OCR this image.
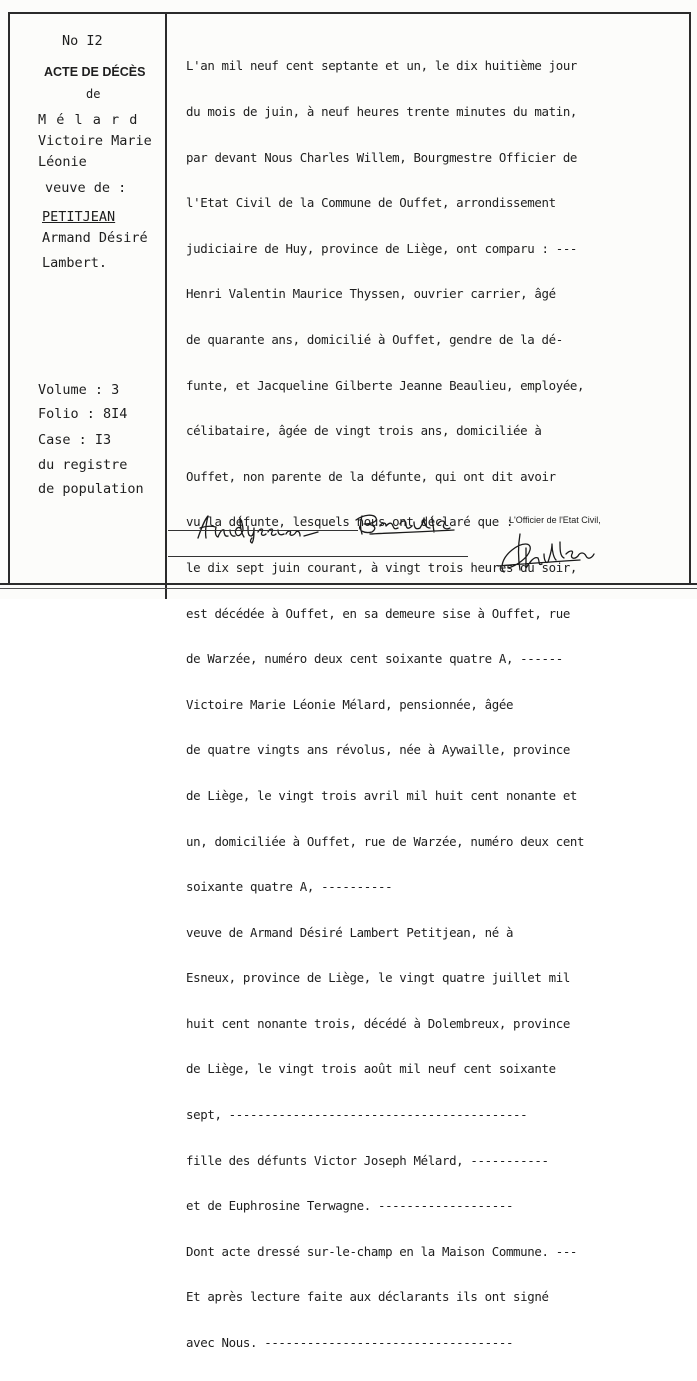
No I2
ACTE DE DÉCÈS
de
M é l a r d
Victoire Marie
Léonie
veuve de :
PETITJEAN
Armand Désiré
Lambert.
Volume : 3
Folio : 8I4
Case : I3
du registre
de population

L'an mil neuf cent septante et un, le dix huitième jour

du mois de juin, à neuf heures trente minutes du matin,

par devant Nous Charles Willem, Bourgmestre Officier de

l'Etat Civil de la Commune de Ouffet, arrondissement

judiciaire de Huy, province de Liège, ont comparu : ---

Henri Valentin Maurice Thyssen, ouvrier carrier, âgé

de quarante ans, domicilié à Ouffet, gendre de la dé-

funte, et Jacqueline Gilberte Jeanne Beaulieu, employée,

célibataire, âgée de vingt trois ans, domiciliée à

Ouffet, non parente de la défunte, qui ont dit avoir

vu la défunte, lesquels nous ont déclaré que :

le dix sept juin courant, à vingt trois heures du soir,

est décédée à Ouffet, en sa demeure sise à Ouffet, rue

de Warzée, numéro deux cent soixante quatre A, ------

Victoire Marie Léonie Mélard, pensionnée, âgée

de quatre vingts ans révolus, née à Aywaille, province

de Liège, le vingt trois avril mil huit cent nonante et

un, domiciliée à Ouffet, rue de Warzée, numéro deux cent

soixante quatre A, ----------

veuve de Armand Désiré Lambert Petitjean, né à

Esneux, province de Liège, le vingt quatre juillet mil

huit cent nonante trois, décédé à Dolembreux, province

de Liège, le vingt trois août mil neuf cent soixante

sept, ------------------------------------------

fille des défunts Victor Joseph Mélard, -----------

et de Euphrosine Terwagne. -------------------

Dont acte dressé sur-le-champ en la Maison Commune. ---

Et après lecture faite aux déclarants ils ont signé

avec Nous. -----------------------------------

L'Officier de l'Etat Civil,
